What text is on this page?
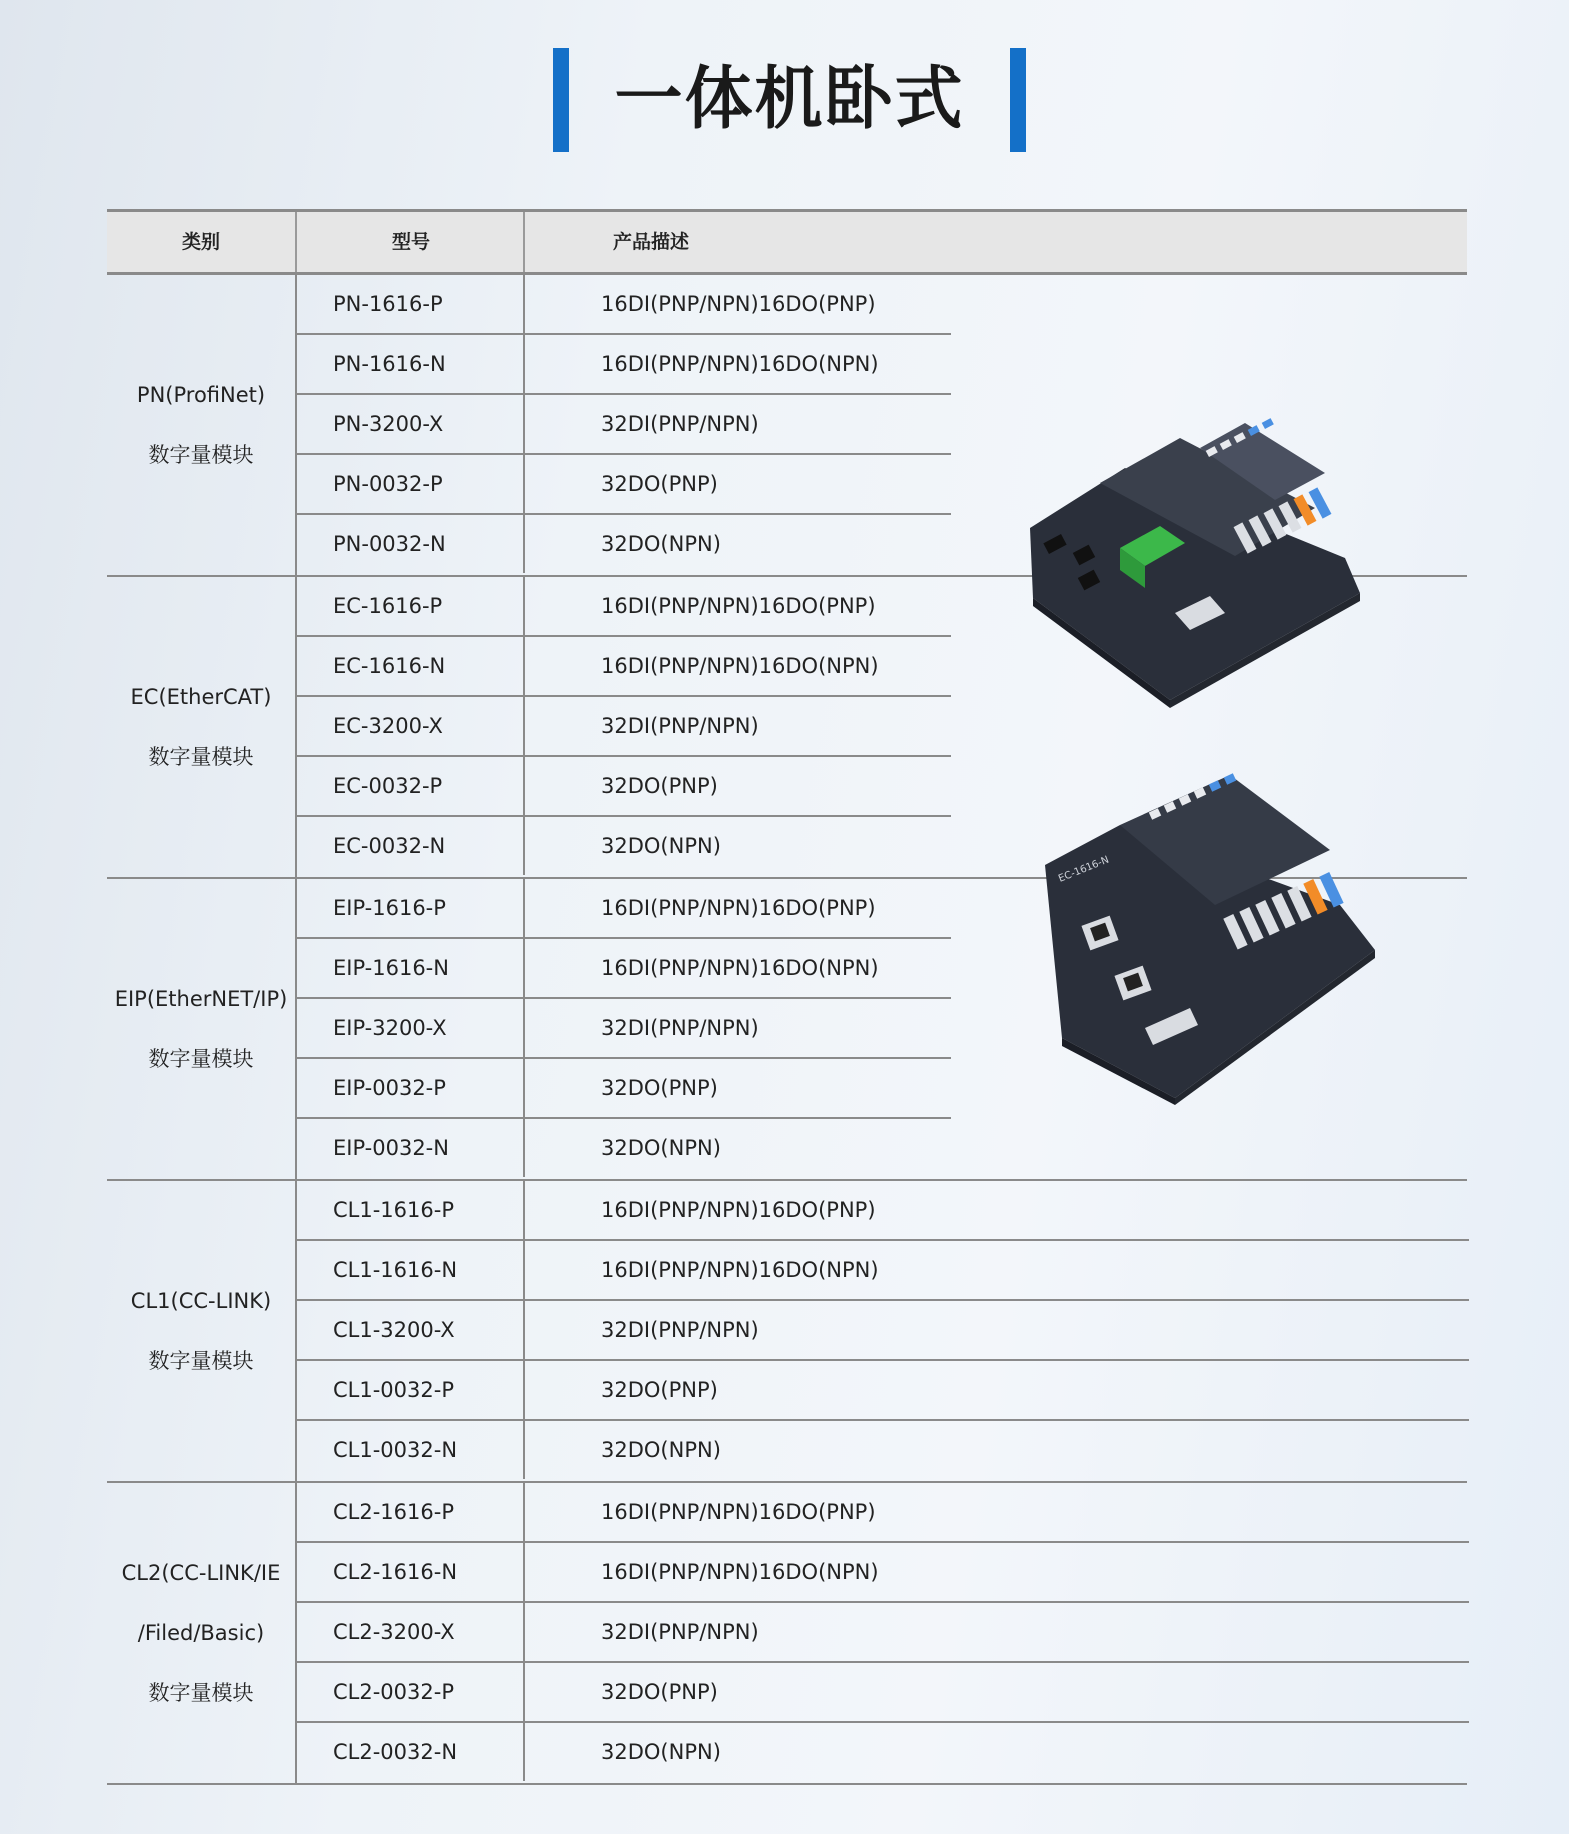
一体机卧式
类别	型号	产品描述
PN(ProfiNet)
数字量模块
PN-1616-P	16DI(PNP/NPN)16DO(PNP)
PN-1616-N	16DI(PNP/NPN)16DO(NPN)
PN-3200-X	32DI(PNP/NPN)
PN-0032-P	32DO(PNP)
PN-0032-N	32DO(NPN)
EC(EtherCAT)
数字量模块
EC-1616-P	16DI(PNP/NPN)16DO(PNP)
EC-1616-N	16DI(PNP/NPN)16DO(NPN)
EC-3200-X	32DI(PNP/NPN)
EC-0032-P	32DO(PNP)
EC-0032-N	32DO(NPN)
EIP(EtherNET/IP)
数字量模块
EIP-1616-P	16DI(PNP/NPN)16DO(PNP)
EIP-1616-N	16DI(PNP/NPN)16DO(NPN)
EIP-3200-X	32DI(PNP/NPN)
EIP-0032-P	32DO(PNP)
EIP-0032-N	32DO(NPN)
CL1(CC-LINK)
数字量模块
CL1-1616-P	16DI(PNP/NPN)16DO(PNP)
CL1-1616-N	16DI(PNP/NPN)16DO(NPN)
CL1-3200-X	32DI(PNP/NPN)
CL1-0032-P	32DO(PNP)
CL1-0032-N	32DO(NPN)
CL2(CC-LINK/IE
/Filed/Basic)
数字量模块
CL2-1616-P	16DI(PNP/NPN)16DO(PNP)
CL2-1616-N	16DI(PNP/NPN)16DO(NPN)
CL2-3200-X	32DI(PNP/NPN)
CL2-0032-P	32DO(PNP)
CL2-0032-N	32DO(NPN)
EC-1616-N
